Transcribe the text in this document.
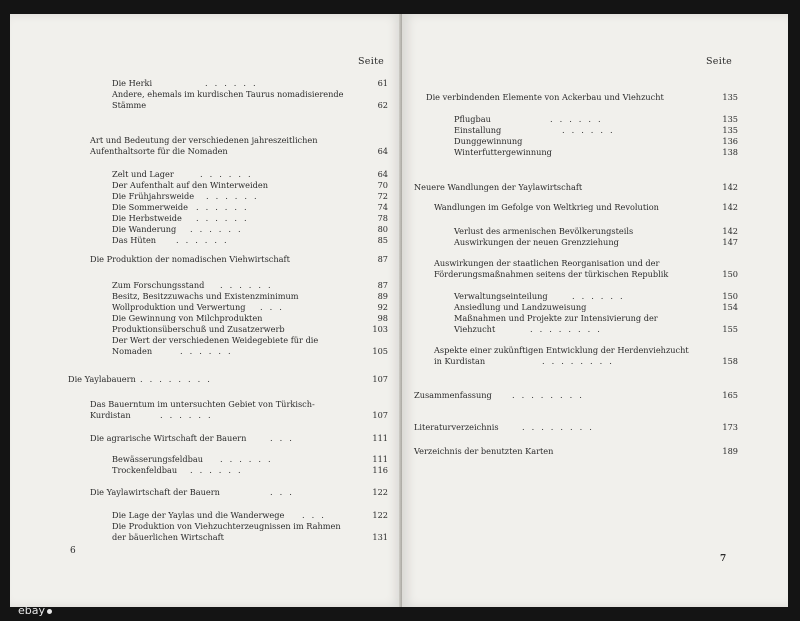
Seite
Die Herki	......	61
Andere, ehemals im kurdischen Taurus nomadisierende
Stämme	62
Art und Bedeutung der verschiedenen jahreszeitlichen
Aufenthaltsorte für die Nomaden	64
Zelt und Lager	......	64
Der Aufenthalt auf den Winterweiden	70
Die Frühjahrsweide ......	72
Die Sommerweide ......	74
Die Herbstweide ......	78
Die Wanderung ......	80
Das Hüten ......	85
Die Produktion der nomadischen Viehwirtschaft	87
Zum Forschungsstand ......	87
Besitz, Besitzzuwachs und Existenzminimum	89
Wollproduktion und Verwertung ...	92
Die Gewinnung von Milchprodukten	98
Produktionsüberschuß und Zusatzerwerb	103
Der Wert der verschiedenen Weidegebiete für die
Nomaden	......	105
Die Yaylabauern ........	107
Das Bauerntum im untersuchten Gebiet von Türkisch-
Kurdistan	......	107
Die agrarische Wirtschaft der Bauern	...	111
Bewässerungsfeldbau ......	111
Trockenfeldbau ......	116
Die Yaylawirtschaft der Bauern	...	122
Die Lage der Yaylas und die Wanderwege ...	122
Die Produktion von Viehzuchterzeugnissen im Rahmen
der bäuerlichen Wirtschaft	131
6
Seite
Die verbindenden Elemente von Ackerbau und Viehzucht	135
Pflugbau	......	135
Einstallung	......	135
Dunggewinnung	136
Winterfuttergewinnung	138
Neuere Wandlungen der Yaylawirtschaft	142
Wandlungen im Gefolge von Weltkrieg und Revolution	142
Verlust des armenischen Bevölkerungsteils	142
Auswirkungen der neuen Grenzziehung	147
Auswirkungen der staatlichen Reorganisation und der
Förderungsmaßnahmen seitens der türkischen Republik	150
Verwaltungseinteilung	......	150
Ansiedlung und Landzuweisung	154
Maßnahmen und Projekte zur Intensivierung der
Viehzucht	........	155
Aspekte einer zukünftigen Entwicklung der Herdenviehzucht
in Kurdistan	........	158
Zusammenfassung ........	165
Literaturverzeichnis	........	173
Verzeichnis der benutzten Karten	189
7
ebay
